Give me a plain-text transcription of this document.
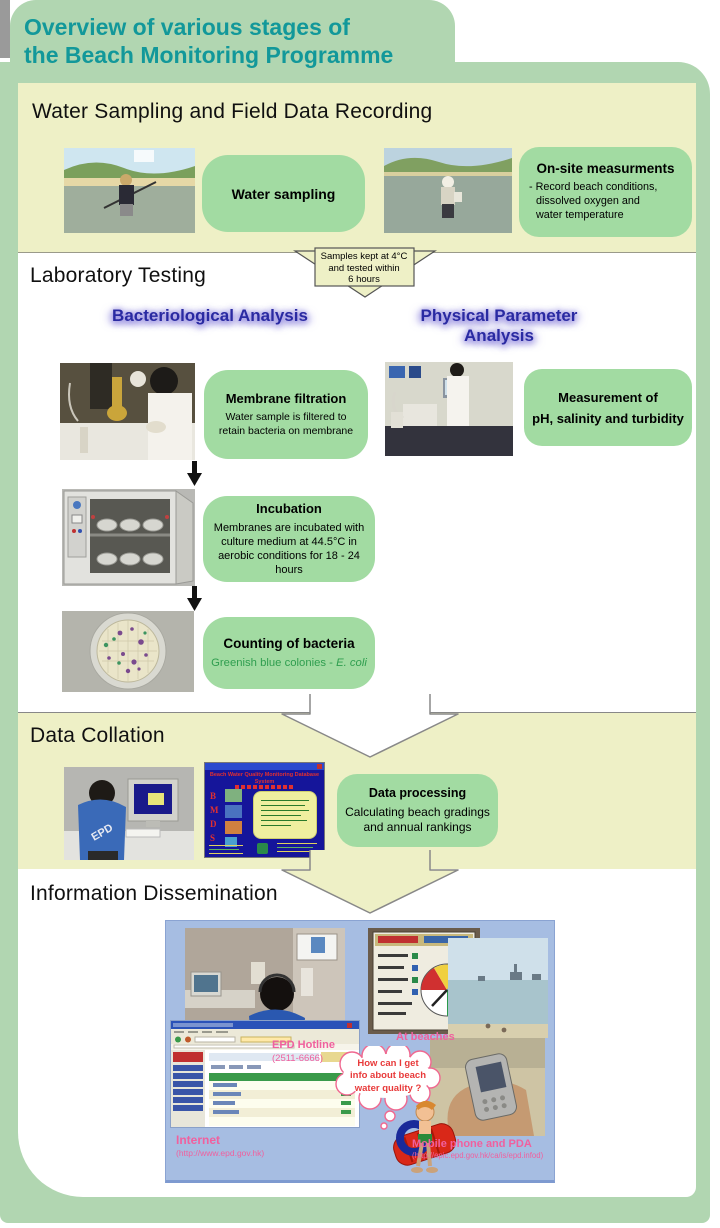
Overview of various stages of
the Beach Monitoring Programme
Water Sampling and Field Data Recording
Water sampling
On-site measurments
- Record beach conditions,
dissolved oxygen and
water temperature
Samples kept at 4°C
and tested within
6 hours
Laboratory Testing
Bacteriological Analysis	Physical Parameter Analysis
Membrane filtration
Water sample is filtered to retain bacteria on membrane
Measurement of
pH, salinity and turbidity
Incubation
Membranes are incubated with culture medium at 44.5°C in aerobic conditions for 18 - 24 hours
Counting of bacteria
Greenish blue colonies - E. coli
Data Collation
EPD
Beach Water Quality Monitoring Database System
B
M
D
S
Data processing
Calculating beach gradings
and annual rankings
Information Dissemination
How can I get
info about beach
water quality ?
EPD Hotline
(2511-6666)
At beaches
Internet
(http://www.epd.gov.hk)
Mobile phone and PDA
(http://epic.epd.gov.hk/ca/is/epd.infod)
